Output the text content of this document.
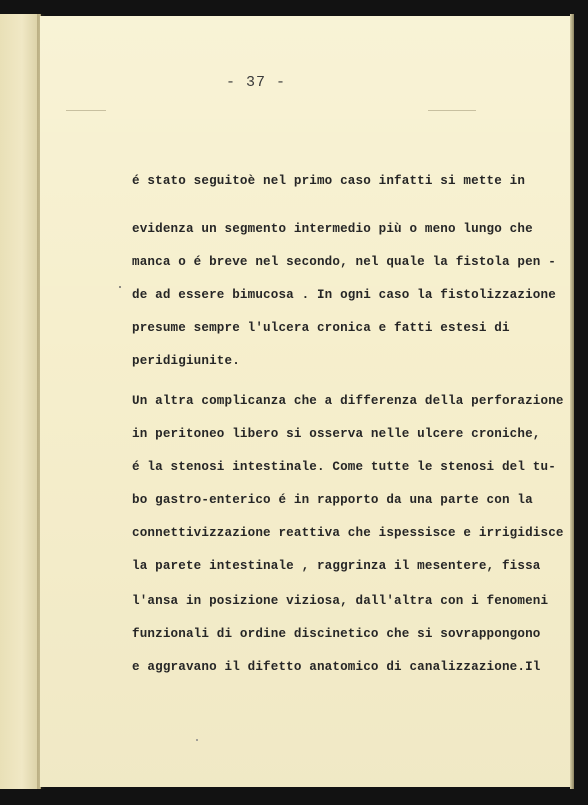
- 37 -
é stato seguitoè nel primo caso infatti si mette in
evidenza un segmento intermedio più o meno lungo che
manca o é breve nel secondo, nel quale la fistola pen -
de ad essere bimucosa . In ogni caso la fistolizzazione
presume sempre l'ulcera cronica e fatti estesi di
peridigiunite.
Un altra complicanza che a differenza della perforazione
in peritoneo libero si osserva nelle ulcere croniche,
é la stenosi intestinale. Come tutte le stenosi del tu-
bo gastro-enterico é in rapporto da una parte con la
connettivizzazione reattiva che ispessisce e irrigidisce
la parete intestinale , raggrinza il mesentere, fissa
l'ansa in posizione viziosa, dall'altra con i fenomeni
funzionali di ordine discinetico che si sovrappongono
e aggravano il difetto anatomico di canalizzazione.Il
